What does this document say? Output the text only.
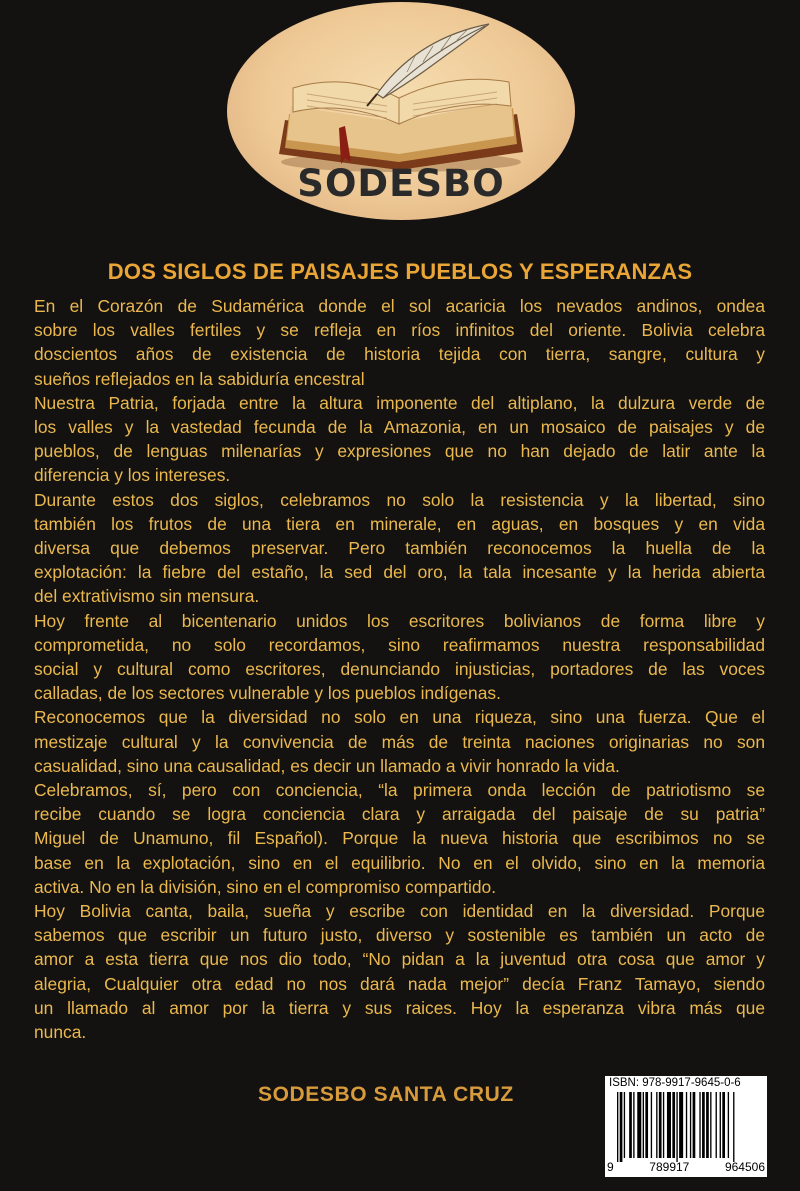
SODESBO
DOS SIGLOS DE PAISAJES PUEBLOS Y ESPERANZAS
En el Corazón de Sudamérica donde el sol acaricia los nevados andinos, ondea
sobre los valles fertiles y se refleja en ríos infinitos del oriente. Bolivia celebra
doscientos años de existencia de historia tejida con tierra, sangre, cultura y
sueños reflejados en la sabiduría encestral
Nuestra Patria, forjada entre la altura imponente del altiplano, la dulzura verde de
los valles y la vastedad fecunda de la Amazonia, en un mosaico de paisajes y de
pueblos, de lenguas milenarías y expresiones que no han dejado de latir ante la
diferencia y los intereses.
Durante estos dos siglos, celebramos no solo la resistencia y la libertad, sino
también los frutos de una tiera en minerale, en aguas, en bosques y en vida
diversa que debemos preservar. Pero también reconocemos la huella de la
explotación: la fiebre del estaño, la sed del oro, la tala incesante y la herida abierta
del extrativismo sin mensura.
Hoy frente al bicentenario unidos los escritores bolivianos de forma libre y
comprometida, no solo recordamos, sino reafirmamos nuestra responsabilidad
social y cultural como escritores, denunciando injusticias, portadores de las voces
calladas, de los sectores vulnerable y los pueblos indígenas.
Reconocemos que la diversidad no solo en una riqueza, sino una fuerza. Que el
mestizaje cultural y la convivencia de más de treinta naciones originarias no son
casualidad, sino una causalidad, es decir un llamado a vivir honrado la vida.
Celebramos, sí, pero con conciencia, “la primera onda lección de patriotismo se
recibe cuando se logra conciencia clara y arraigada del paisaje de su patria”
Miguel de Unamuno, fil Español). Porque la nueva historia que escribimos no se
base en la explotación, sino en el equilibrio. No en el olvido, sino en la memoria
activa. No en la división, sino en el compromiso compartido.
Hoy Bolivia canta, baila, sueña y escribe con identidad en la diversidad. Porque
sabemos que escribir un futuro justo, diverso y sostenible es también un acto de
amor a esta tierra que nos dio todo, “No pidan a la juventud otra cosa que amor y
alegria, Cualquier otra edad no nos dará nada mejor” decía Franz Tamayo, siendo
un llamado al amor por la tierra y sus raices. Hoy la esperanza vibra más que
nunca.
SODESBO SANTA CRUZ	ISBN: 978-9917-9645-0-6
9	789917	964506
